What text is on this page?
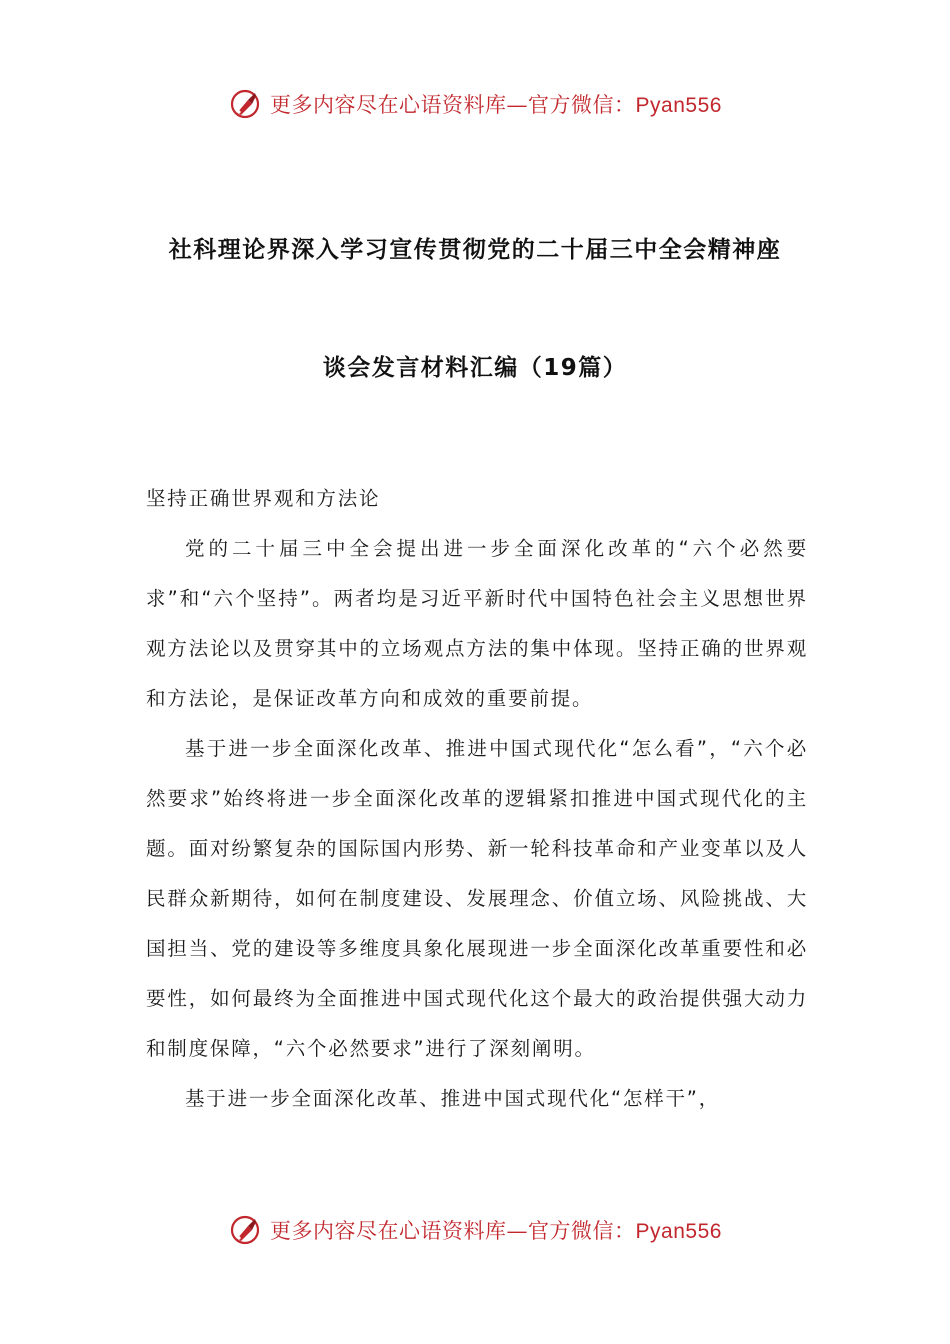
更多内容尽在心语资料库—官方微信：Pyan556
社科理论界深入学习宣传贯彻党的二十届三中全会精神座
谈会发言材料汇编（19篇）

坚持正确世界观和方法论

党的二十届三中全会提出进一步全面深化改革的“六个必然要求”和“六个坚持”。两者均是习近平新时代中国特色社会主义思想世界观方法论以及贯穿其中的立场观点方法的集中体现。坚持正确的世界观和方法论，是保证改革方向和成效的重要前提。

基于进一步全面深化改革、推进中国式现代化“怎么看”，“六个必然要求”始终将进一步全面深化改革的逻辑紧扣推进中国式现代化的主题。面对纷繁复杂的国际国内形势、新一轮科技革命和产业变革以及人民群众新期待，如何在制度建设、发展理念、价值立场、风险挑战、大国担当、党的建设等多维度具象化展现进一步全面深化改革重要性和必要性，如何最终为全面推进中国式现代化这个最大的政治提供强大动力和制度保障，“六个必然要求”进行了深刻阐明。

基于进一步全面深化改革、推进中国式现代化“怎样干”，

更多内容尽在心语资料库—官方微信：Pyan556
